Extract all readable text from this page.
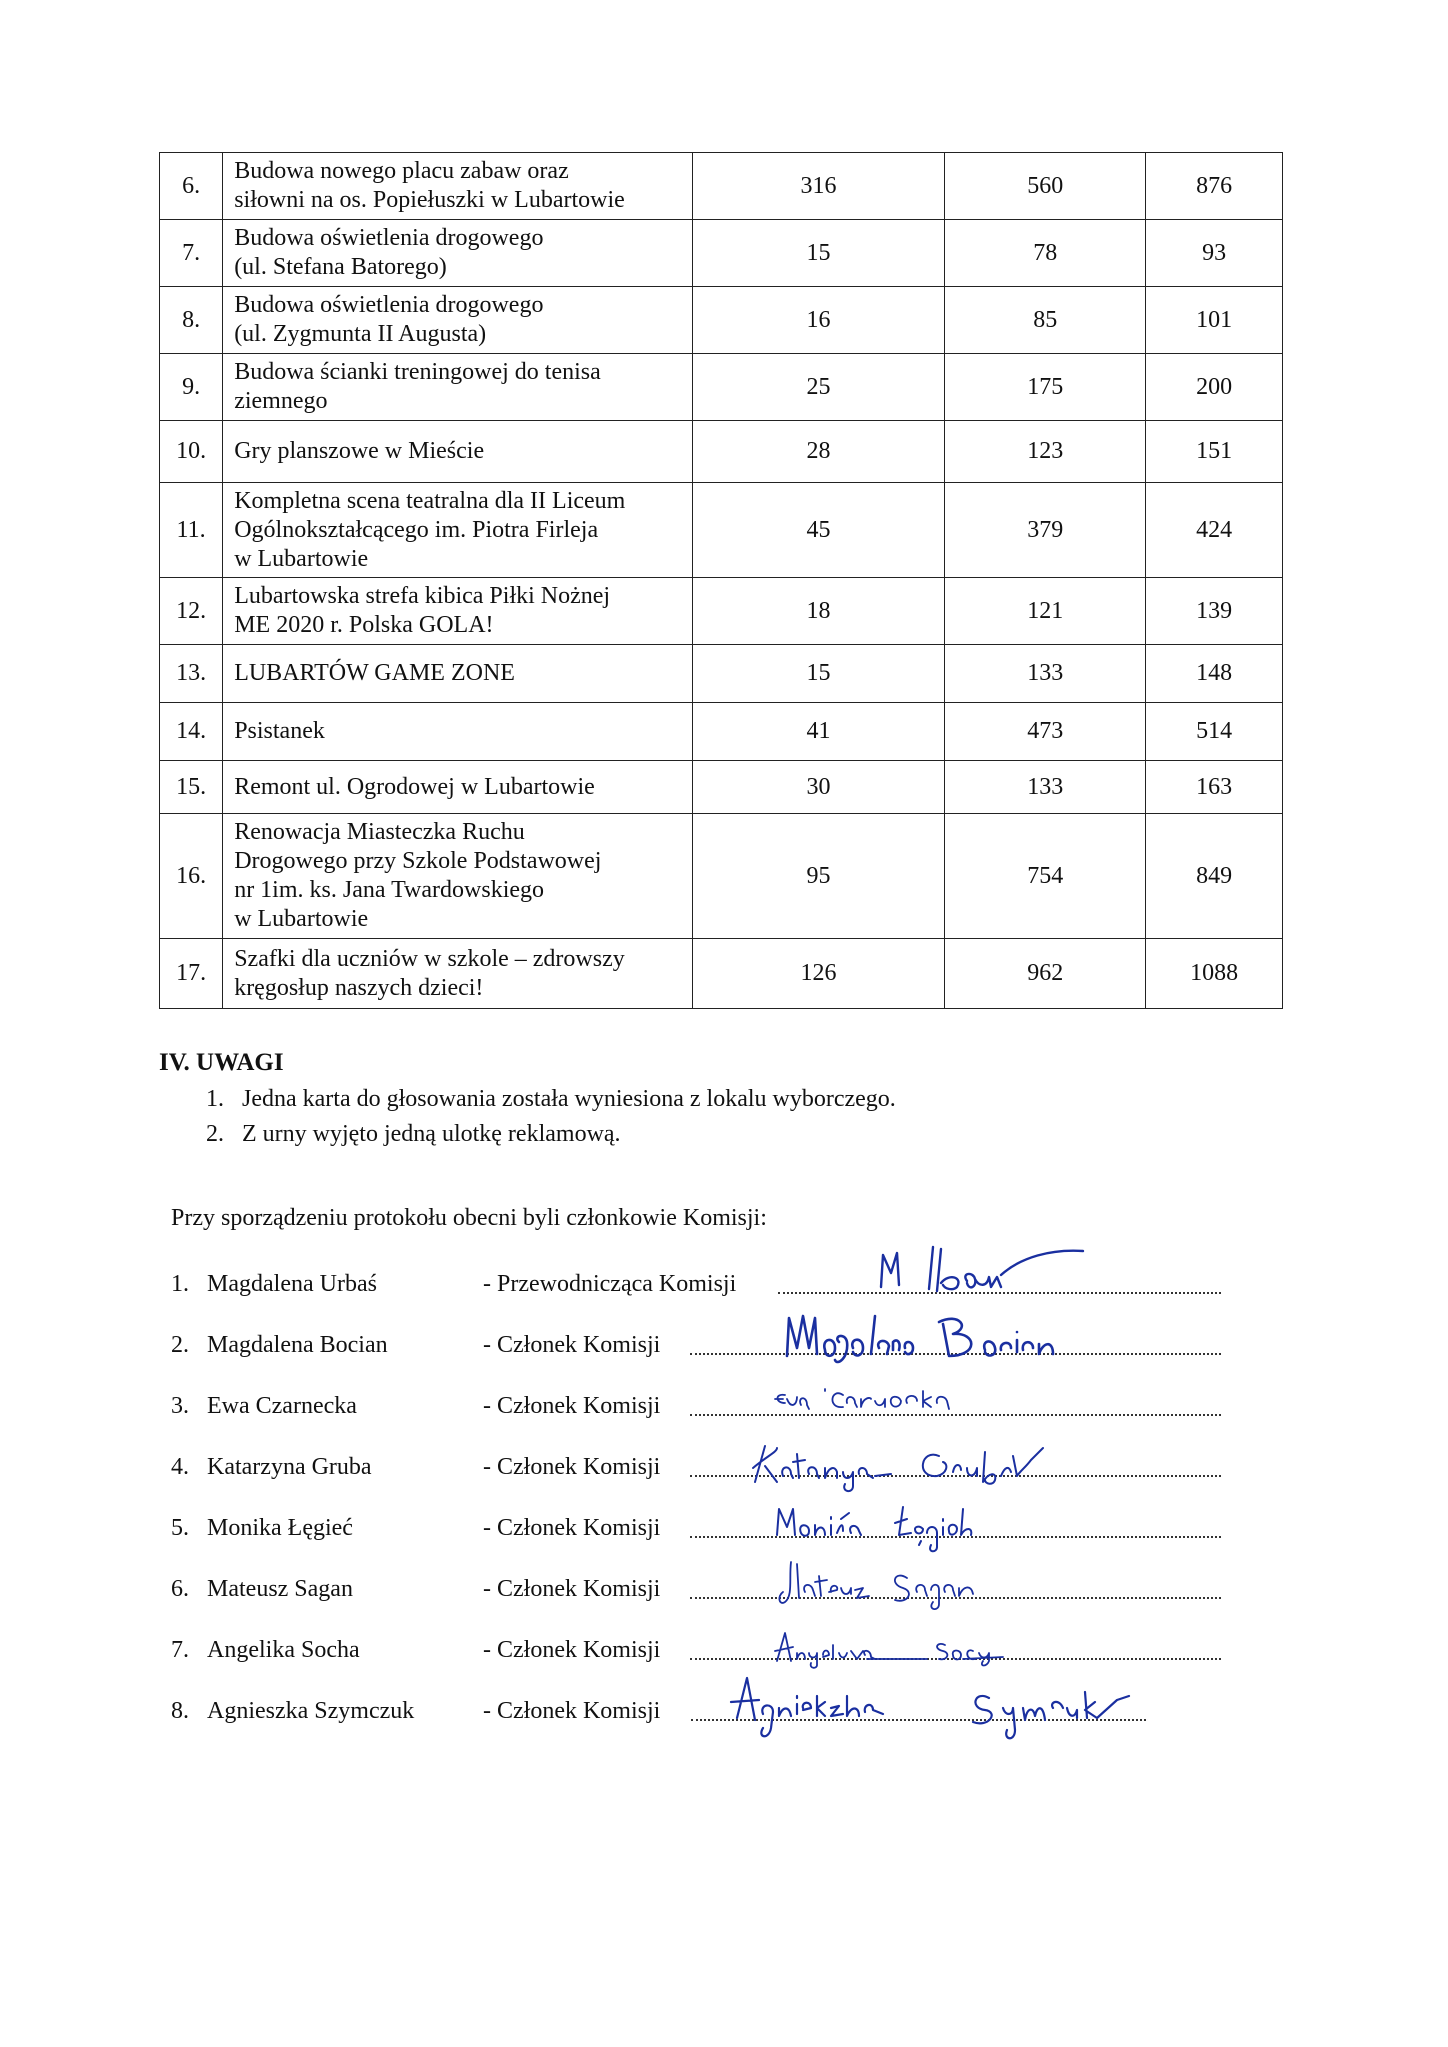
6.	Budowa nowego placu zabaw oraz
siłowni na os. Popiełuszki w Lubartowie	316	560	876
7.	Budowa oświetlenia drogowego
(ul. Stefana Batorego)	15	78	93
8.	Budowa oświetlenia drogowego
(ul. Zygmunta II Augusta)	16	85	101
9.	Budowa ścianki treningowej do tenisa
ziemnego	25	175	200
10.	Gry planszowe w Mieście	28	123	151
11.	Kompletna scena teatralna dla II Liceum
Ogólnokształcącego im. Piotra Firleja
w Lubartowie	45	379	424
12.	Lubartowska strefa kibica Piłki Nożnej
ME 2020 r. Polska GOLA!	18	121	139
13.	LUBARTÓW GAME ZONE	15	133	148
14.	Psistanek	41	473	514
15.	Remont ul. Ogrodowej w Lubartowie	30	133	163
16.	Renowacja Miasteczka Ruchu
Drogowego przy Szkole Podstawowej
nr 1im. ks. Jana Twardowskiego
w Lubartowie	95	754	849
17.	Szafki dla uczniów w szkole – zdrowszy
kręgosłup naszych dzieci!	126	962	1088
IV. UWAGI
1. Jedna karta do głosowania została wyniesiona z lokalu wyborczego.
2. Z urny wyjęto jedną ulotkę reklamową.
Przy sporządzeniu protokołu obecni byli członkowie Komisji:
1. Magdalena Urbaś	- Przewodnicząca Komisji
2. Magdalena Bocian	- Członek Komisji
3. Ewa Czarnecka	- Członek Komisji
4. Katarzyna Gruba	- Członek Komisji
5. Monika Łęgieć	- Członek Komisji
6. Mateusz Sagan	- Członek Komisji
7. Angelika Socha	- Członek Komisji
8. Agnieszka Szymczuk	- Członek Komisji
